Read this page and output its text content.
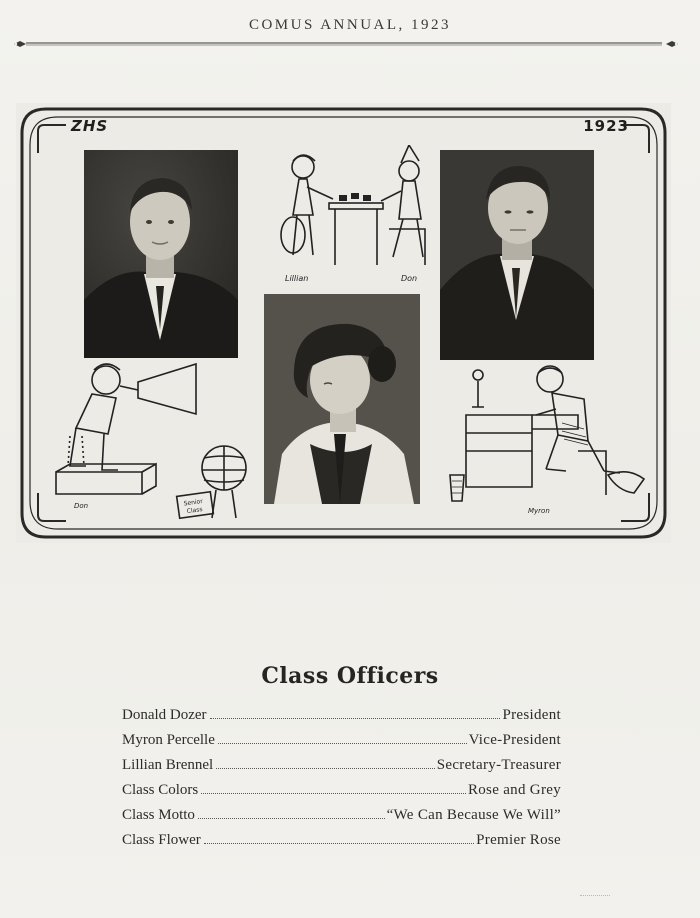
COMUS ANNUAL, 1923
ZHS	1923
Lillian	Don
Don	Senior
Class	Myron
Class Officers
Donald Dozer	President
Myron Percelle	Vice-President
Lillian Brennel	Secretary-Treasurer
Class Colors	Rose and Grey
Class Motto	“We Can Because We Will”
Class Flower	Premier Rose
